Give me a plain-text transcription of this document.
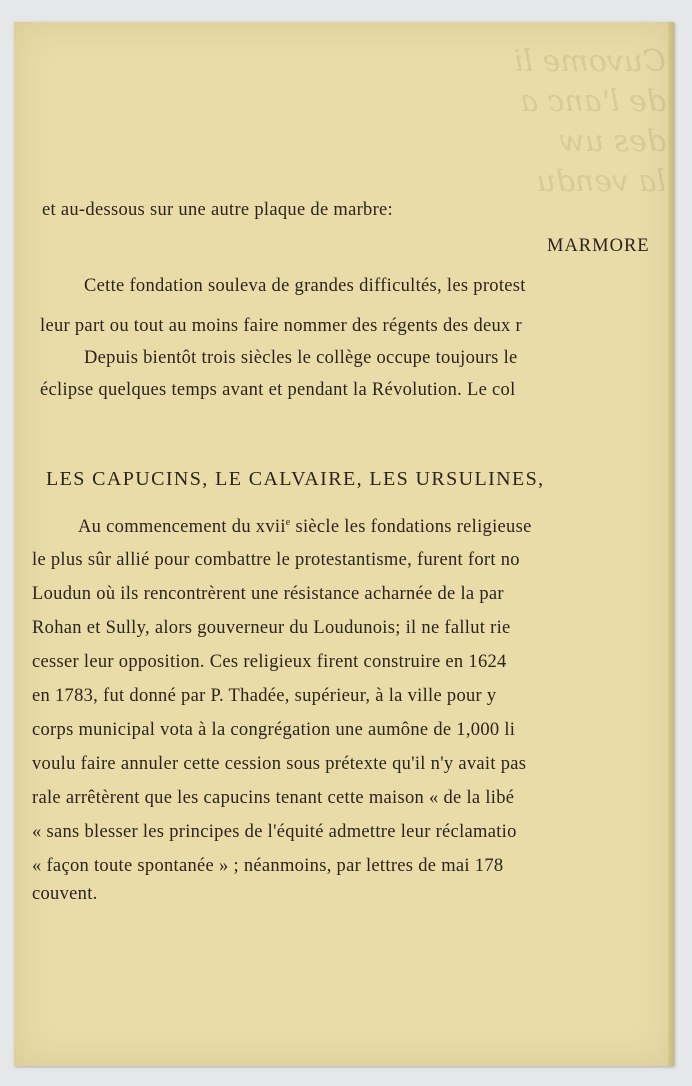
Cuvome li
de l'anc a
des uw
la vendu
et au-dessous sur une autre plaque de marbre:
MARMORE
Cette fondation souleva de grandes difficultés, les protest
leur part ou tout au moins faire nommer des régents des deux r
Depuis bientôt trois siècles le collège occupe toujours le
éclipse quelques temps avant et pendant la Révolution. Le col
LES CAPUCINS, LE CALVAIRE, LES URSULINES,
Au commencement du xvii$^e$ siècle les fondations religieuse
le plus sûr allié pour combattre le protestantisme, furent fort no
Loudun où ils rencontrèrent une résistance acharnée de la par
Rohan et Sully, alors gouverneur du Loudunois; il ne fallut rie
cesser leur opposition. Ces religieux firent construire en 1624
en 1783, fut donné par P. Thadée, supérieur, à la ville pour y
corps municipal vota à la congrégation une aumône de 1,000 li
voulu faire annuler cette cession sous prétexte qu'il n'y avait pas
rale arrêtèrent que les capucins tenant cette maison « de la libé
« sans blesser les principes de l'équité admettre leur réclamatio
« façon toute spontanée » ; néanmoins, par lettres de mai 178
couvent.
